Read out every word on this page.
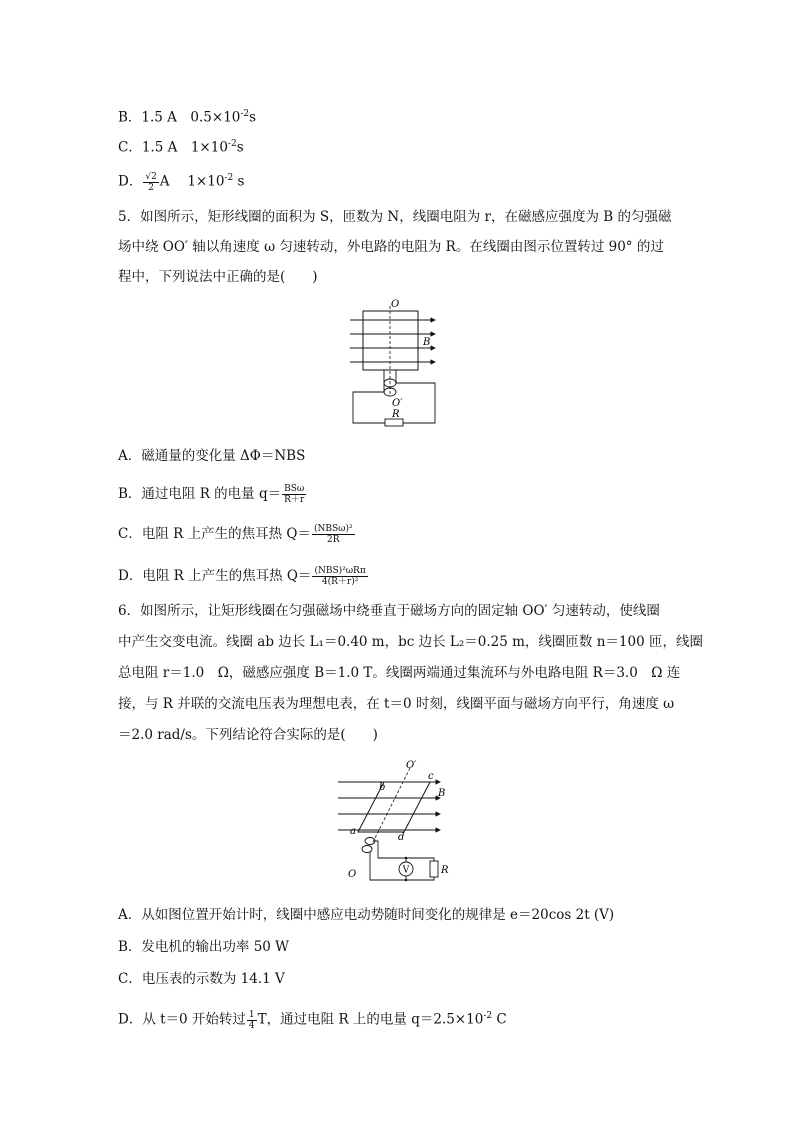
B．1.5 A　$0.5\times 10^{-2}s$
C．1.5 A　$1\times 10^{-2}s$
D． $\frac{√2}{2}$ A　 $1\times 10^{-2}$ s
5．如图所示，矩形线圈的面积为 S，匝数为 N，线圈电阻为 r，在磁感应强度为 B 的匀强磁
场中绕 OO′ 轴以角速度 ω 匀速转动，外电路的电阻为 R。在线圈由图示位置转过 90° 的过
程中，下列说法中正确的是(　　)
O
B
O′
R
A．磁通量的变化量 ΔΦ＝NBS
B．通过电阻 R 的电量 $q= \frac{\text{BSω}}{R+r}$
C．电阻 R 上产生的焦耳热 $Q= \frac{\text{(NBSω)²}}{2R}$
D．电阻 R 上产生的焦耳热 $Q= \frac{\text{(NBS)²ωRπ}}{\text{4(R＋r)²}}$
6．如图所示，让矩形线圈在匀强磁场中绕垂直于磁场方向的固定轴 OO′ 匀速转动，使线圈
中产生交变电流。线圈 ab 边长 L₁＝0.40 m，bc 边长 L₂＝0.25 m，线圈匝数 n＝100 匝，线圈
总电阻 r＝1.0　Ω，磁感应强度 B＝1.0 T。线圈两端通过集流环与外电路电阻 R＝3.0　Ω 连
接，与 R 并联的交流电压表为理想电表，在 t＝0 时刻，线圈平面与磁场方向平行，角速度 ω
＝2.0 rad/s。下列结论符合实际的是(　　)
V
O′
b
c
B
a
d
O	R
A．从如图位置开始计时，线圈中感应电动势随时间变化的规律是 e＝20cos 2t (V)
B．发电机的输出功率 50 W
C．电压表的示数为 14.1 V
D．从 t＝0 开始转过 $\frac{1}{4}$ T，通过电阻 R 上的电量 $q=2.5\times 10^{-2}$ C
